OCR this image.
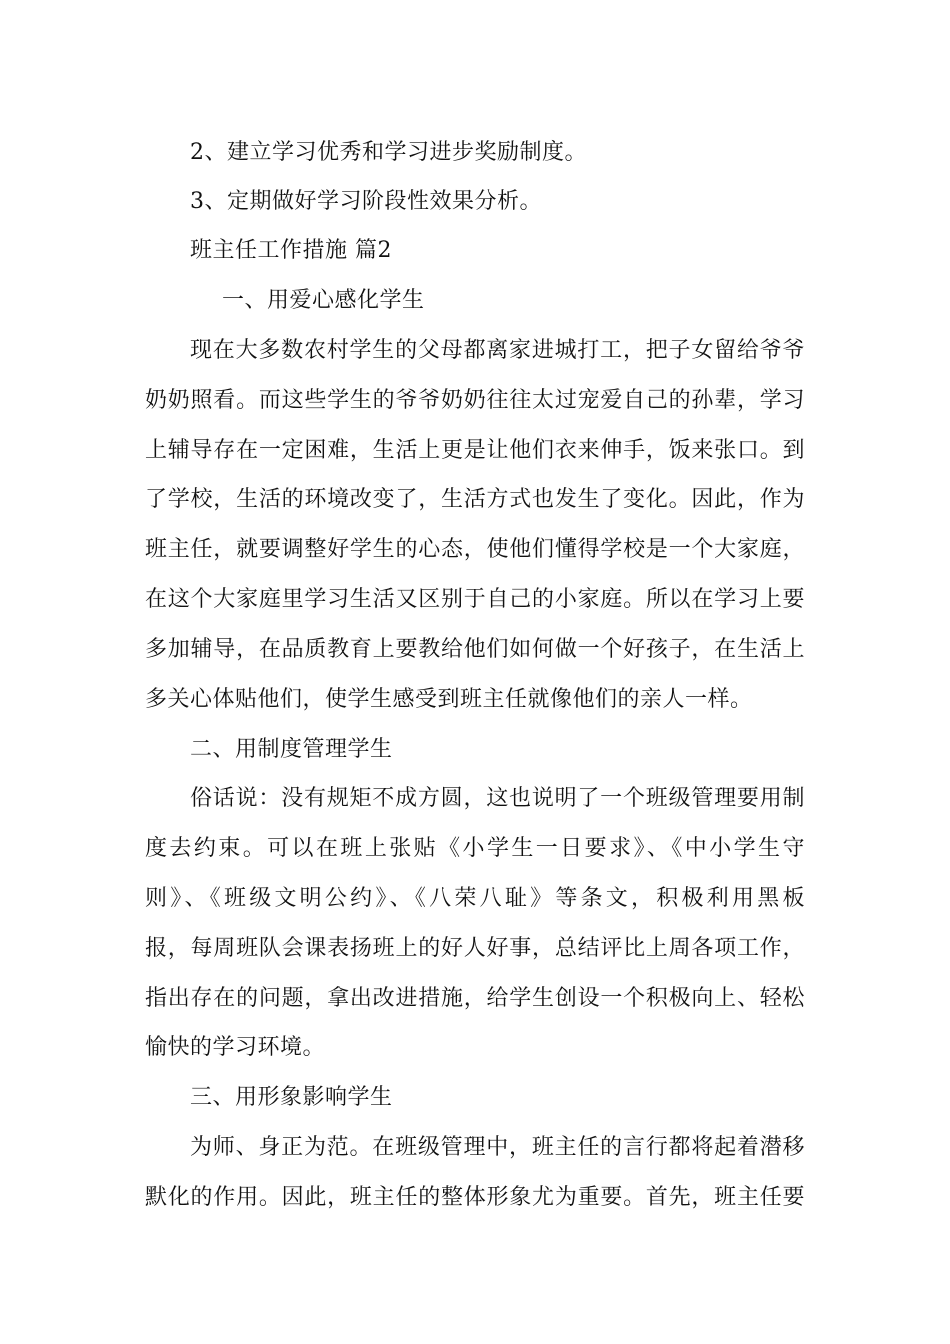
2、建立学习优秀和学习进步奖励制度。
3、定期做好学习阶段性效果分析。
班主任工作措施 篇2
一、用爱心感化学生
现在大多数农村学生的父母都离家进城打工，把子女留给爷爷
奶奶照看。而这些学生的爷爷奶奶往往太过宠爱自己的孙辈，学习
上辅导存在一定困难，生活上更是让他们衣来伸手，饭来张口。到
了学校，生活的环境改变了，生活方式也发生了变化。因此，作为
班主任，就要调整好学生的心态，使他们懂得学校是一个大家庭，
在这个大家庭里学习生活又区别于自己的小家庭。所以在学习上要
多加辅导，在品质教育上要教给他们如何做一个好孩子，在生活上
多关心体贴他们，使学生感受到班主任就像他们的亲人一样。
二、用制度管理学生
俗话说：没有规矩不成方圆，这也说明了一个班级管理要用制
度去约束。可以在班上张贴《小学生一日要求》、《中小学生守
则》、《班级文明公约》、《八荣八耻》等条文，积极利用黑板
报，每周班队会课表扬班上的好人好事，总结评比上周各项工作，
指出存在的问题，拿出改进措施，给学生创设一个积极向上、轻松
愉快的学习环境。
三、用形象影响学生
为师、身正为范。在班级管理中，班主任的言行都将起着潜移
默化的作用。因此，班主任的整体形象尤为重要。首先，班主任要
